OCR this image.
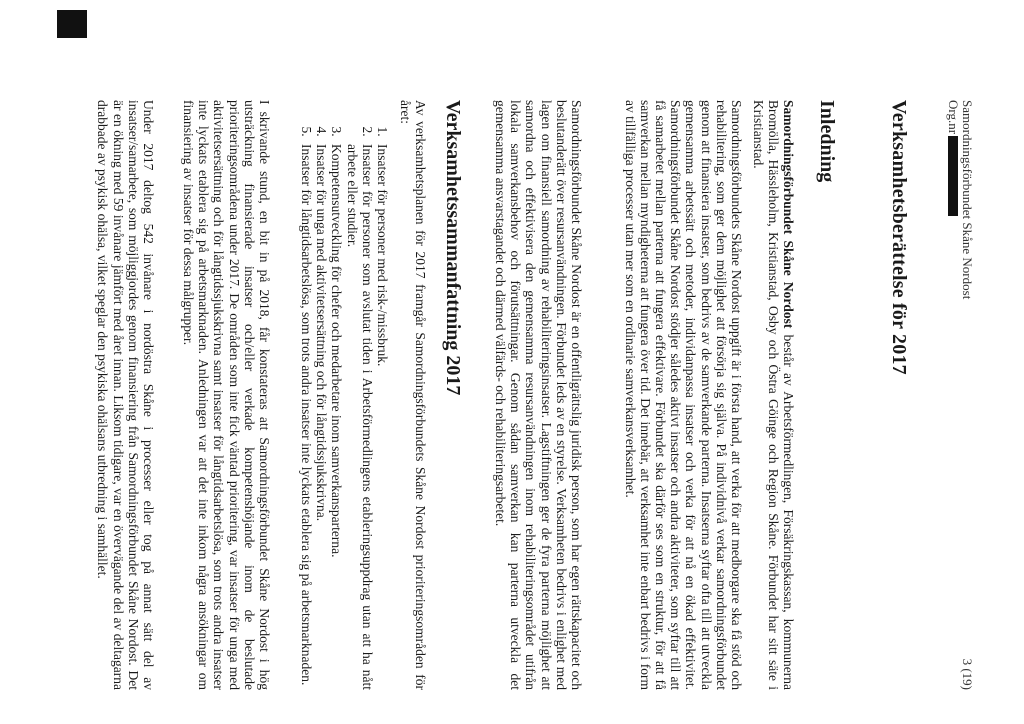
Samordningsförbundet Skåne Nordost
Org.nr
3 (19)
Verksamhetsberättelse för 2017
Inledning

Samordningsförbundet Skåne Nordost består av Arbetsförmedlingen, Försäkringskassan, kommunerna Bromölla, Hässleholm, Kristianstad, Osby och Östra Göinge och Region Skåne. Förbundet har sitt säte i Kristianstad.

Samordningsförbundets Skåne Nordost uppgift är i första hand, att verka för att medborgare ska få stöd och rehabilitering, som ger dem möjlighet att försörja sig själva. På individnivå verkar samordningsförbundet genom att finansiera insatser, som bedrivs av de samverkande parterna. Insatserna syftar ofta till att utveckla gemensamma arbetssätt och metoder, individanpassa insatser och verka för att nå en ökad effektivitet. Samordningsförbundet Skåne Nordost stödjer således aktivt insatser och andra aktiviteter, som syftar till att få samarbetet mellan parterna att fungera effektivare. Förbundet ska därför ses som en struktur, för att få samverkan mellan myndigheterna att fungera över tid. Det innebär, att verksamhet inte enbart bedrivs i form av tillfälliga processer utan mer som en ordinarie samverkansverksamhet.

Samordningsförbundet Skåne Nordost är en offentligrättslig juridisk person, som har egen rättskapacitet och beslutanderätt över resursanvändningen. Förbundet leds av en styrelse. Verksamheten bedrivs i enlighet med lagen om finansiell samordning av rehabiliteringsinsatser. Lagstiftningen ger de fyra parterna möjlighet att samordna och effektivisera den gemensamma resursanvändningen inom rehabiliteringsområdet utifrån lokala samverkansbehov och förutsättningar. Genom sådan samverkan kan parterna utveckla det gemensamma ansvarstagandet och därmed välfärds- och rehabiliteringsarbetet.

Verksamhetssammanfattning 2017

Av verksamhetsplanen för 2017 framgår Samordningsförbundets Skåne Nordost prioriteringsområden för året:

1. Insatser för personer med risk-/missbruk.
2. Insatser för personer som avslutat tiden i Arbetsförmedlingens etableringsuppdrag utan att ha nått arbete eller studier.
3. Kompetensutveckling för chefer och medarbetare inom samverkansparterna.
4. Insatser för unga med aktivitetsersättning och för långtidssjukskrivna.
5. Insatser för långtidsarbetslösa, som trots andra insatser inte lyckats etablera sig på arbetsmarknaden.

I skrivande stund, en bit in på 2018, får konstateras att Samordningsförbundet Skåne Nordost i hög utsträckning finansierade insatser och/eller verkade kompetenshöjande inom de beslutade prioriteringsområdena under 2017. De områden som inte fick väntad prioritering, var insatser för unga med aktivitetsersättning och för långtidssjukskrivna samt insatser för långtidsarbetslösa, som trots andra insatser inte lyckats etablera sig på arbetsmarknaden. Anledningen var att det inte inkom några ansökningar om finansiering av insatser för dessa målgrupper.

Under 2017 deltog 542 invånare i nordöstra Skåne i processer eller tog på annat sätt del av insatser/samarbete, som möjliggjordes genom finansiering från Samordningsförbundet Skåne Nordost. Det är en ökning med 59 invånare jämfört med året innan. Liksom tidigare, var en övervägande del av deltagarna drabbade av psykisk ohälsa, vilket speglar den psykiska ohälsans utbredning i samhället.
